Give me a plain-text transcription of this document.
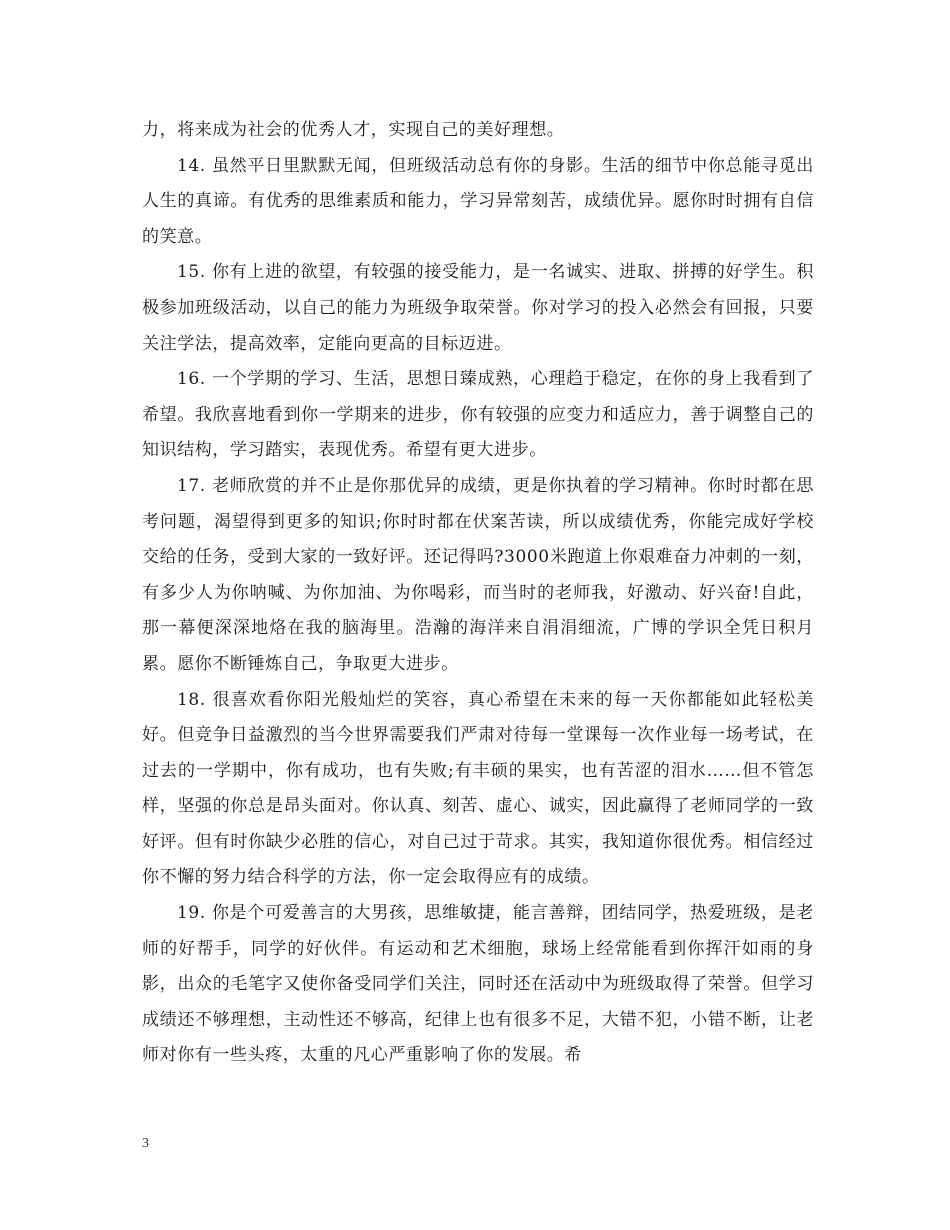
力，将来成为社会的优秀人才，实现自己的美好理想。

14. 虽然平日里默默无闻，但班级活动总有你的身影。生活的细节中你总能寻觅出人生的真谛。有优秀的思维素质和能力，学习异常刻苦，成绩优异。愿你时时拥有自信的笑意。

15. 你有上进的欲望，有较强的接受能力，是一名诚实、进取、拼搏的好学生。积极参加班级活动，以自己的能力为班级争取荣誉。你对学习的投入必然会有回报，只要关注学法，提高效率，定能向更高的目标迈进。

16. 一个学期的学习、生活，思想日臻成熟，心理趋于稳定，在你的身上我看到了希望。我欣喜地看到你一学期来的进步，你有较强的应变力和适应力，善于调整自己的知识结构，学习踏实，表现优秀。希望有更大进步。

17. 老师欣赏的并不止是你那优异的成绩，更是你执着的学习精神。你时时都在思考问题，渴望得到更多的知识;你时时都在伏案苦读，所以成绩优秀，你能完成好学校交给的任务，受到大家的一致好评。还记得吗?3000米跑道上你艰难奋力冲刺的一刻，有多少人为你呐喊、为你加油、为你喝彩，而当时的老师我，好激动、好兴奋!自此，那一幕便深深地烙在我的脑海里。浩瀚的海洋来自涓涓细流，广博的学识全凭日积月累。愿你不断锤炼自己，争取更大进步。

18. 很喜欢看你阳光般灿烂的笑容，真心希望在未来的每一天你都能如此轻松美好。但竞争日益激烈的当今世界需要我们严肃对待每一堂课每一次作业每一场考试，在过去的一学期中，你有成功，也有失败;有丰硕的果实，也有苦涩的泪水……但不管怎样，坚强的你总是昂头面对。你认真、刻苦、虚心、诚实，因此赢得了老师同学的一致好评。但有时你缺少必胜的信心，对自己过于苛求。其实，我知道你很优秀。相信经过你不懈的努力结合科学的方法，你一定会取得应有的成绩。

19. 你是个可爱善言的大男孩，思维敏捷，能言善辩，团结同学，热爱班级，是老师的好帮手，同学的好伙伴。有运动和艺术细胞，球场上经常能看到你挥汗如雨的身影，出众的毛笔字又使你备受同学们关注，同时还在活动中为班级取得了荣誉。但学习成绩还不够理想，主动性还不够高，纪律上也有很多不足，大错不犯，小错不断，让老师对你有一些头疼，太重的凡心严重影响了你的发展。希

3
